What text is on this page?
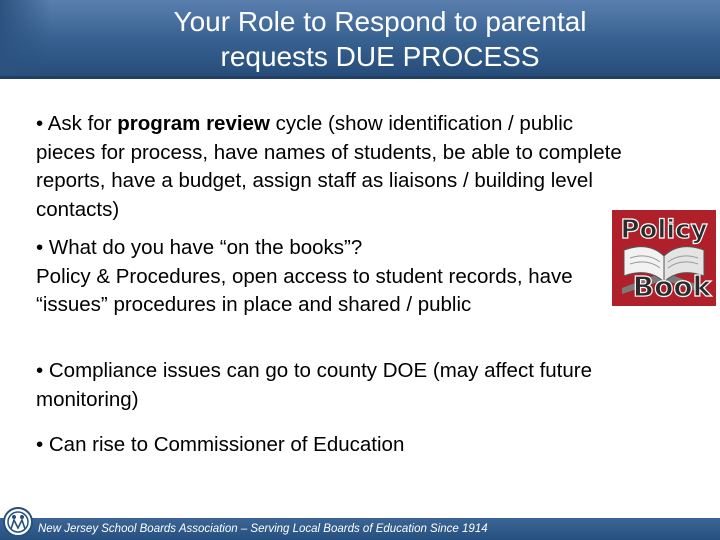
Your Role to Respond to parental
requests DUE PROCESS

• Ask for program review cycle (show identification / public pieces for process, have names of students, be able to complete reports, have a budget, assign staff as liaisons / building level contacts)

• What do you have “on the books”?
Policy & Procedures, open access to student records, have “issues” procedures in place and shared / public

• Compliance issues can go to county DOE (may affect future monitoring)

• Can rise to Commissioner of Education

Policy
Book
New Jersey School Boards Association – Serving Local Boards of Education Since 1914
